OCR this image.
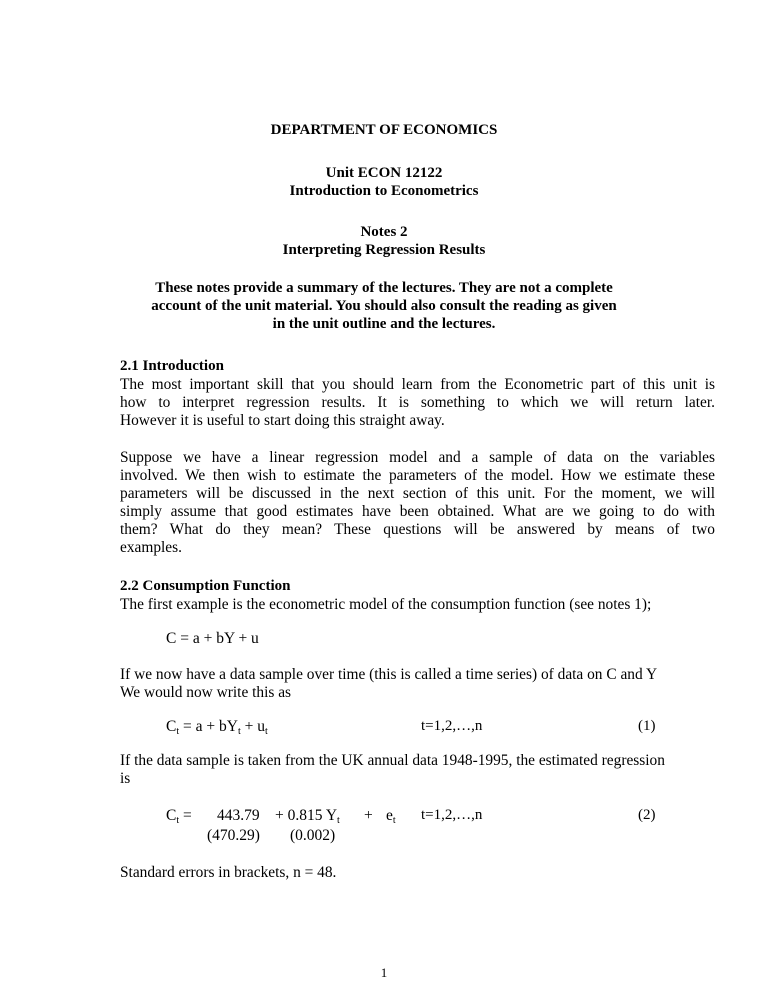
DEPARTMENT OF ECONOMICS
Unit ECON 12122
Introduction to Econometrics
Notes 2
Interpreting Regression Results
These notes provide a summary of the lectures. They are not a complete
account of the unit material. You should also consult the reading as given
in the unit outline and the lectures.
2.1 Introduction
The most important skill that you should learn from the Econometric part of this unit is
how to interpret regression results. It is something to which we will return later.
However it is useful to start doing this straight away.
Suppose we have a linear regression model and a sample of data on the variables
involved. We then wish to estimate the parameters of the model. How we estimate these
parameters will be discussed in the next section of this unit. For the moment, we will
simply assume that good estimates have been obtained. What are we going to do with
them? What do they mean? These questions will be answered by means of two
examples.
2.2 Consumption Function
The first example is the econometric model of the consumption function (see notes 1);
C = a + bY + u
If we now have a data sample over time (this is called a time series) of data on C and Y
We would now write this as
$C_t = a + bY_t + u_t$	t=1,2,…,n	(1)
If the data sample is taken from the UK annual data 1948-1995, the estimated regression
is
$C_t = 443.79 + 0.815$ $Y_t + e_t$ t=1,2,…,n	(2)
(470.29) (0.002)
Standard errors in brackets, n = 48.
1
